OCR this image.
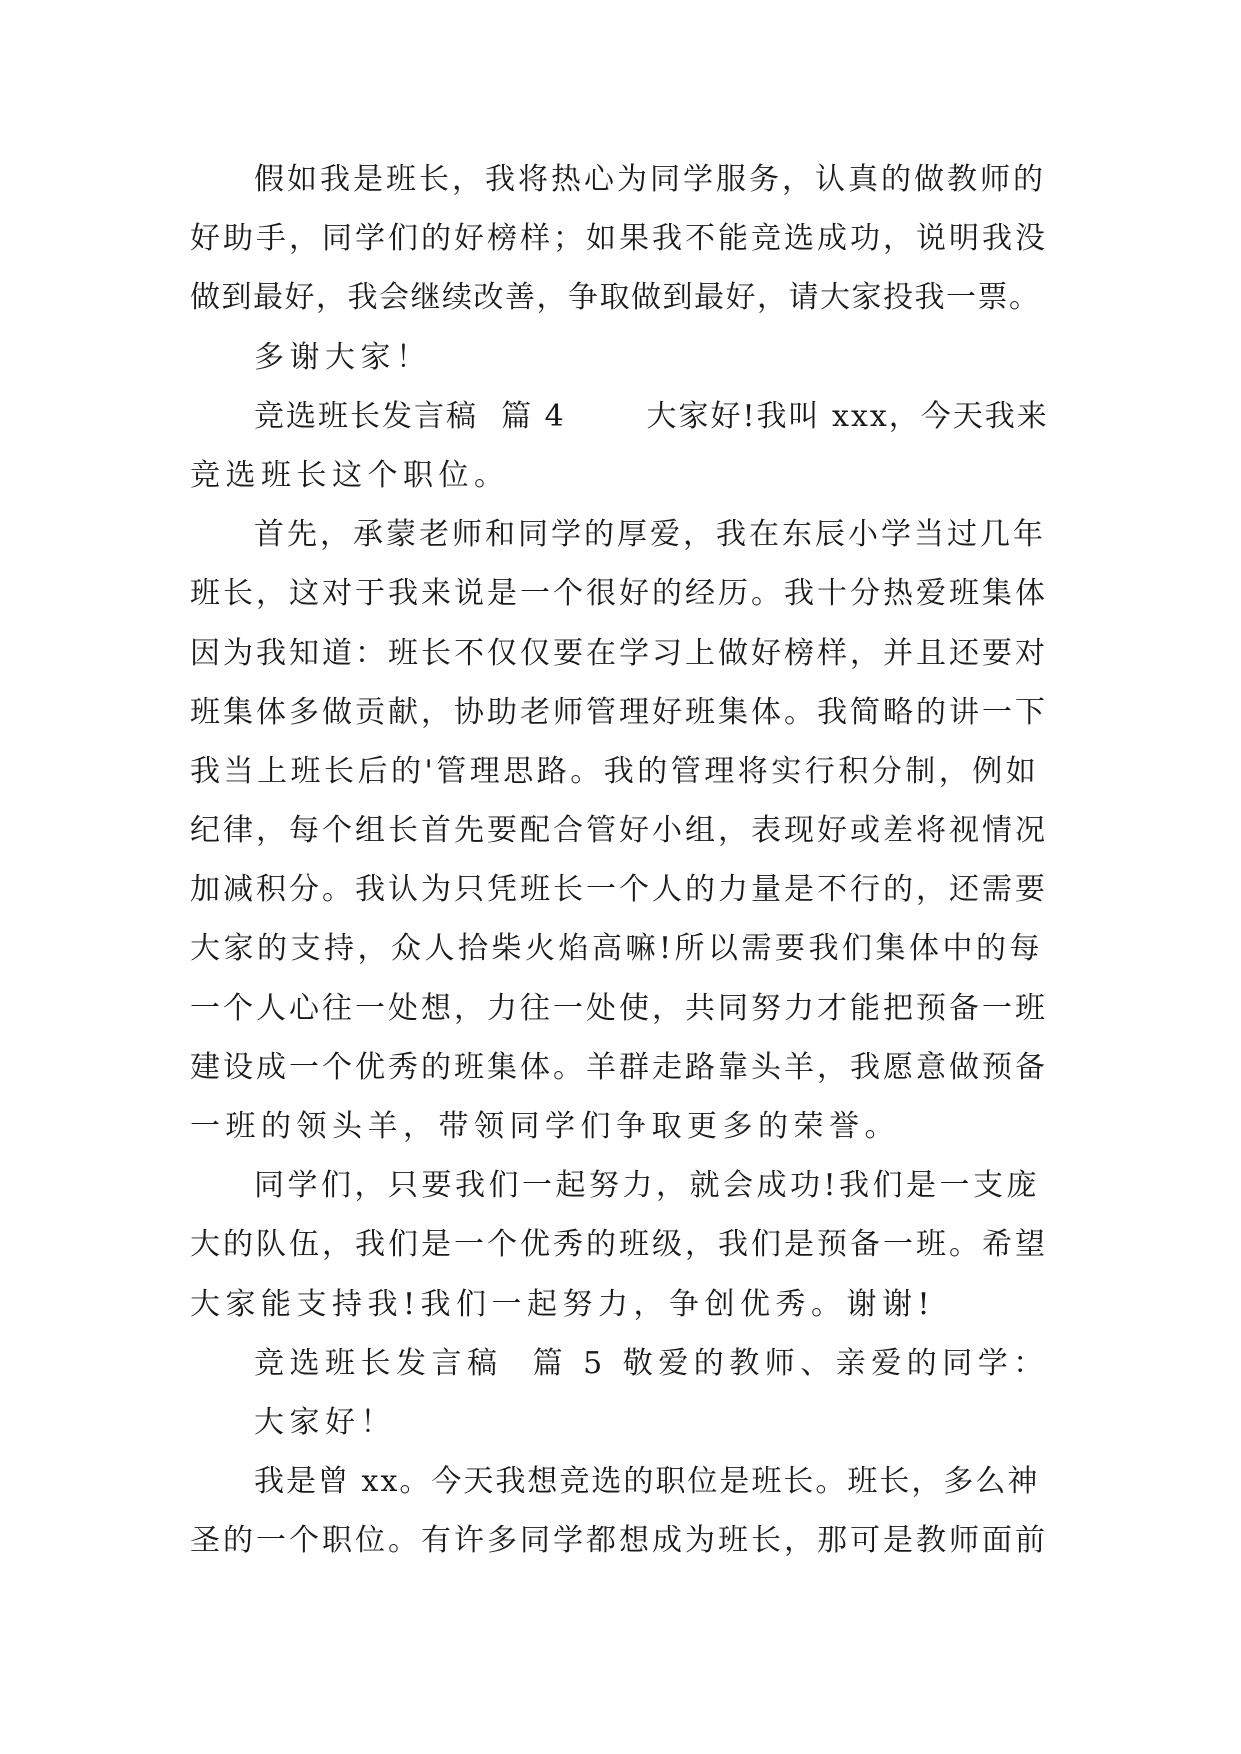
假如我是班长，我将热心为同学服务，认真的做教师的
好助手，同学们的好榜样；如果我不能竞选成功，说明我没
做到最好，我会继续改善，争取做到最好，请大家投我一票。
多谢大家！
竞选班长发言稿  篇 4       大家好!我叫 xxx，今天我来
竞选班长这个职位。
首先，承蒙老师和同学的厚爱，我在东辰小学当过几年
班长，这对于我来说是一个很好的经历。我十分热爱班集体
因为我知道：班长不仅仅要在学习上做好榜样，并且还要对
班集体多做贡献，协助老师管理好班集体。我简略的讲一下
我当上班长后的'管理思路。我的管理将实行积分制，例如
纪律，每个组长首先要配合管好小组，表现好或差将视情况
加减积分。我认为只凭班长一个人的力量是不行的，还需要
大家的支持，众人拾柴火焰高嘛!所以需要我们集体中的每
一个人心往一处想，力往一处使，共同努力才能把预备一班
建设成一个优秀的班集体。羊群走路靠头羊，我愿意做预备
一班的领头羊，带领同学们争取更多的荣誉。
同学们，只要我们一起努力，就会成功!我们是一支庞
大的队伍，我们是一个优秀的班级，我们是预备一班。希望
大家能支持我!我们一起努力，争创优秀。谢谢!
竞选班长发言稿  篇 5 敬爱的教师、亲爱的同学：
大家好！
我是曾 xx。今天我想竞选的职位是班长。班长，多么神
圣的一个职位。有许多同学都想成为班长，那可是教师面前
